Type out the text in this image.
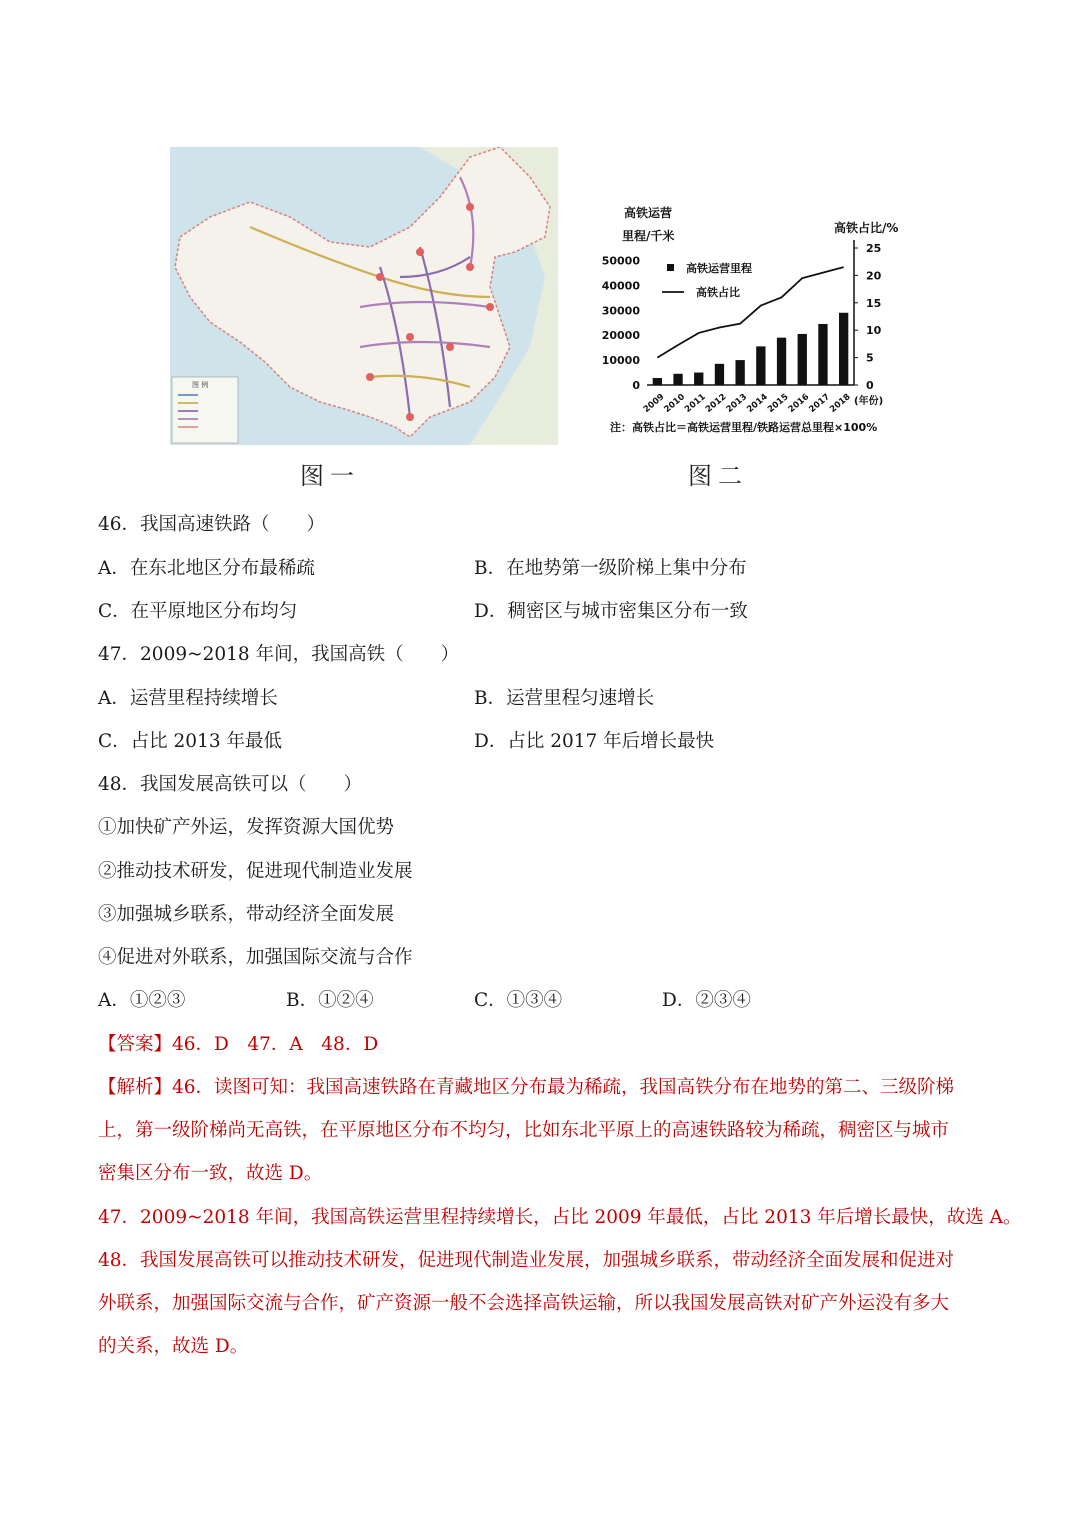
图 例
高铁运营
里程/千米
高铁占比/%
50000
40000
30000
20000
10000
0
25
20
15
10
5
0
2009
2010
2011
2012
2013
2014
2015
2016
2017
2018
高铁运营里程
高铁占比
(年份)
注：高铁占比＝高铁运营里程/铁路运营总里程×100%
图一	图二
46．我国高速铁路（　　）
A．在东北地区分布最稀疏	B．在地势第一级阶梯上集中分布
C．在平原地区分布均匀	D．稠密区与城市密集区分布一致
47．2009~2018 年间，我国高铁（　　）
A．运营里程持续增长	B．运营里程匀速增长
C．占比 2013 年最低	D．占比 2017 年后增长最快
48．我国发展高铁可以（　　）
①加快矿产外运，发挥资源大国优势
②推动技术研发，促进现代制造业发展
③加强城乡联系，带动经济全面发展
④促进对外联系，加强国际交流与合作
A．①②③	B．①②④	C．①③④	D．②③④
【答案】46．D　47．A　48．D
【解析】46．读图可知：我国高速铁路在青藏地区分布最为稀疏，我国高铁分布在地势的第二、三级阶梯
上，第一级阶梯尚无高铁，在平原地区分布不均匀，比如东北平原上的高速铁路较为稀疏，稠密区与城市
密集区分布一致，故选 D。
47．2009~2018 年间，我国高铁运营里程持续增长，占比 2009 年最低，占比 2013 年后增长最快，故选 A。
48．我国发展高铁可以推动技术研发，促进现代制造业发展，加强城乡联系，带动经济全面发展和促进对
外联系，加强国际交流与合作，矿产资源一般不会选择高铁运输，所以我国发展高铁对矿产外运没有多大
的关系，故选 D。
